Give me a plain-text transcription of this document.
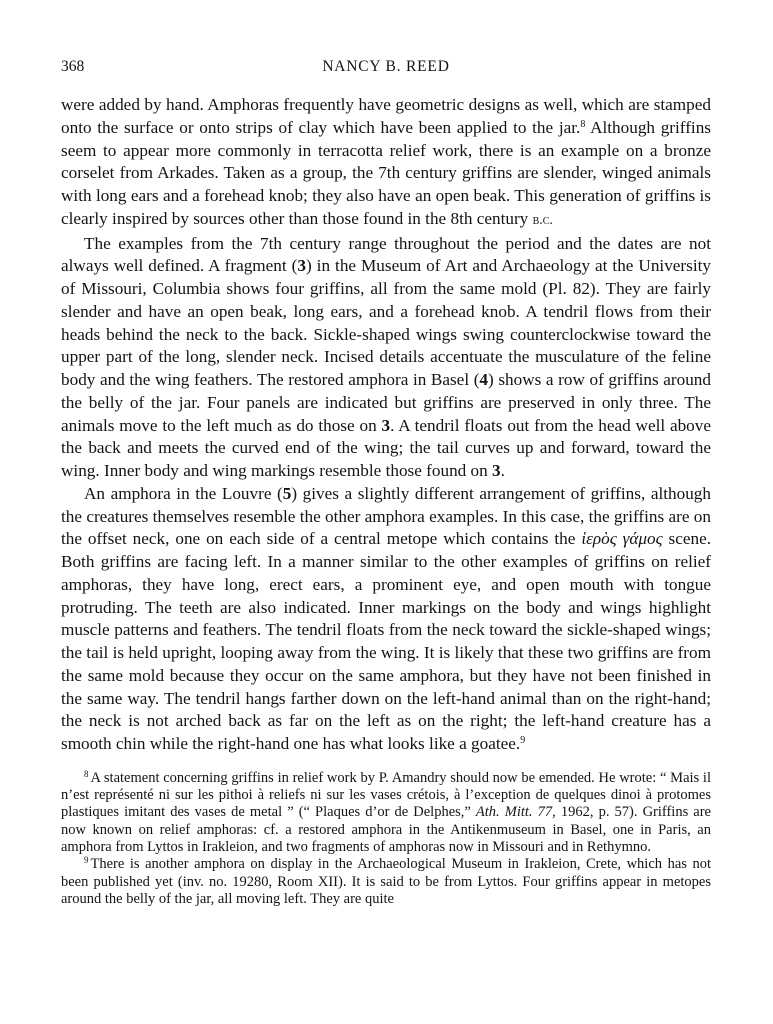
368	NANCY B. REED

were added by hand. Amphoras frequently have geometric designs as well, which are stamped onto the surface or onto strips of clay which have been applied to the jar.$^8$ Although griffins seem to appear more commonly in terracotta relief work, there is an example on a bronze corselet from Arkades. Taken as a group, the 7th century griffins are slender, winged animals with long ears and a forehead knob; they also have an open beak. This generation of griffins is clearly inspired by sources other than those found in the 8th century b.c.

The examples from the 7th century range throughout the period and the dates are not always well defined. A fragment (3) in the Museum of Art and Archaeology at the University of Missouri, Columbia shows four griffins, all from the same mold (Pl. 82). They are fairly slender and have an open beak, long ears, and a forehead knob. A tendril flows from their heads behind the neck to the back. Sickle-shaped wings swing counterclockwise toward the upper part of the long, slender neck. Incised details accentuate the musculature of the feline body and the wing feathers. The restored amphora in Basel (4) shows a row of griffins around the belly of the jar. Four panels are indicated but griffins are preserved in only three. The animals move to the left much as do those on 3. A tendril floats out from the head well above the back and meets the curved end of the wing; the tail curves up and forward, toward the wing. Inner body and wing markings resemble those found on 3.

An amphora in the Louvre (5) gives a slightly different arrangement of griffins, although the creatures themselves resemble the other amphora examples. In this case, the griffins are on the offset neck, one on each side of a central metope which contains the ἱερὸς γάμος scene. Both griffins are facing left. In a manner similar to the other examples of griffins on relief amphoras, they have long, erect ears, a prominent eye, and open mouth with tongue protruding. The teeth are also indicated. Inner markings on the body and wings highlight muscle patterns and feathers. The tendril floats from the neck toward the sickle-shaped wings; the tail is held upright, looping away from the wing. It is likely that these two griffins are from the same mold because they occur on the same amphora, but they have not been finished in the same way. The tendril hangs farther down on the left-hand animal than on the right-hand; the neck is not arched back as far on the left as on the right; the left-hand creature has a smooth chin while the right-hand one has what looks like a goatee.$^9$

$^8$ A statement concerning griffins in relief work by P. Amandry should now be emended. He wrote: “ Mais il n’est représenté ni sur les pithoi à reliefs ni sur les vases crétois, à l’exception de quelques dinoi à protomes plastiques imitant des vases de metal ” (“ Plaques d’or de Delphes,” Ath. Mitt. 77, 1962, p. 57). Griffins are now known on relief amphoras: cf. a restored amphora in the Antikenmuseum in Basel, one in Paris, an amphora from Lyttos in Irakleion, and two fragments of amphoras now in Missouri and in Rethymno.

$^9$ There is another amphora on display in the Archaeological Museum in Irakleion, Crete, which has not been published yet (inv. no. 19280, Room XII). It is said to be from Lyttos. Four griffins appear in metopes around the belly of the jar, all moving left. They are quite
